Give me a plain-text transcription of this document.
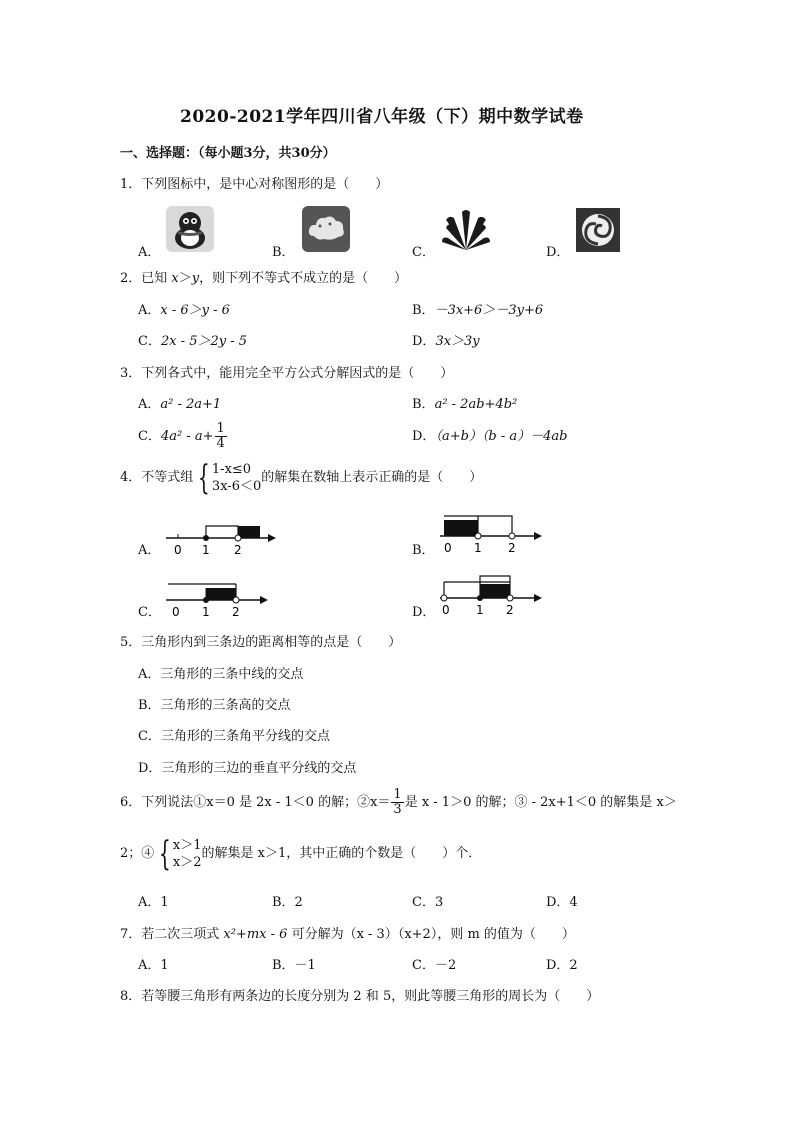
2020-2021学年四川省八年级（下）期中数学试卷
一、选择题：（每小题3分，共30分）
1．下列图标中，是中心对称图形的是（　　）
A．	B．	C．	D．
2．已知 x＞y，则下列不等式不成立的是（　　）
A．x - 6＞y - 6	B．－3x+6＞－3y+6
C．2x - 5＞2y - 5	D．3x＞3y
3．下列各式中，能用完全平方公式分解因式的是（　　）
A．a² - 2a+1	B．a² - 2ab+4b²
C．$4a^2 - a+ \frac{1}{4}$	D．（a+b）（b - a）－4ab
4．不等式组 { 1-x≤0
3x-6＜0
的解集在数轴上表示正确的是（　　）
A． 0 1 2	B． 0 1 2
C． 0 1 2	D． 0 1 2
5．三角形内到三条边的距离相等的点是（　　）
A．三角形的三条中线的交点
B．三角形的三条高的交点
C．三角形的三条角平分线的交点
D．三角形的三边的垂直平分线的交点
6．下列说法①x＝0 是 2x - 1＜0 的解；②x＝ $\frac{1}{3}$ 是 x - 1＞0 的解；③ - 2x+1＜0 的解集是 x＞
2；④ { x＞1
x＞2
的解集是 x＞1，其中正确的个数是（　　）个．
A．1	B．2	C．3	D．4
7．若二次三项式 x²+mx - 6 可分解为（x - 3）（x+2），则 m 的值为（　　）
A．1	B．－1	C．－2	D．2
8．若等腰三角形有两条边的长度分别为 2 和 5，则此等腰三角形的周长为（　　）
